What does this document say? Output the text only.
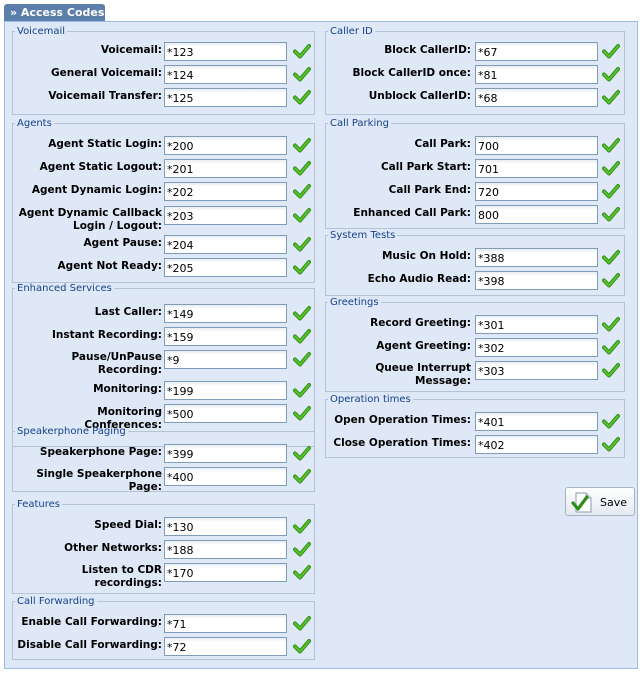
» Access Codes
Voicemail
Voicemail:
*123
General Voicemail:
*124
Voicemail Transfer:
*125
Agents
Agent Static Login:
*200
Agent Static Logout:
*201
Agent Dynamic Login:
*202
Agent Dynamic Callback
Login / Logout:
*203
Agent Pause:
*204
Agent Not Ready:
*205
Enhanced Services
Last Caller:
*149
Instant Recording:
*159
Pause/UnPause
Recording:
*9
Monitoring:
*199
Monitoring Conferences:
*500
Speakerphone Paging
Speakerphone Page:
*399
Single Speakerphone
Page:
*400
Features
Speed Dial:
*130
Other Networks:
*188
Listen to CDR
recordings:
*170
Call Forwarding
Enable Call Forwarding:
*71
Disable Call Forwarding:
*72
Caller ID
Block CallerID:
*67
Block CallerID once:
*81
Unblock CallerID:
*68
Call Parking
Call Park:
700
Call Park Start:
701
Call Park End:
720
Enhanced Call Park:
800
System Tests
Music On Hold:
*388
Echo Audio Read:
*398
Greetings
Record Greeting:
*301
Agent Greeting:
*302
Queue Interrupt
Message:
*303
Operation times
Open Operation Times:
*401
Close Operation Times:
*402
Save
